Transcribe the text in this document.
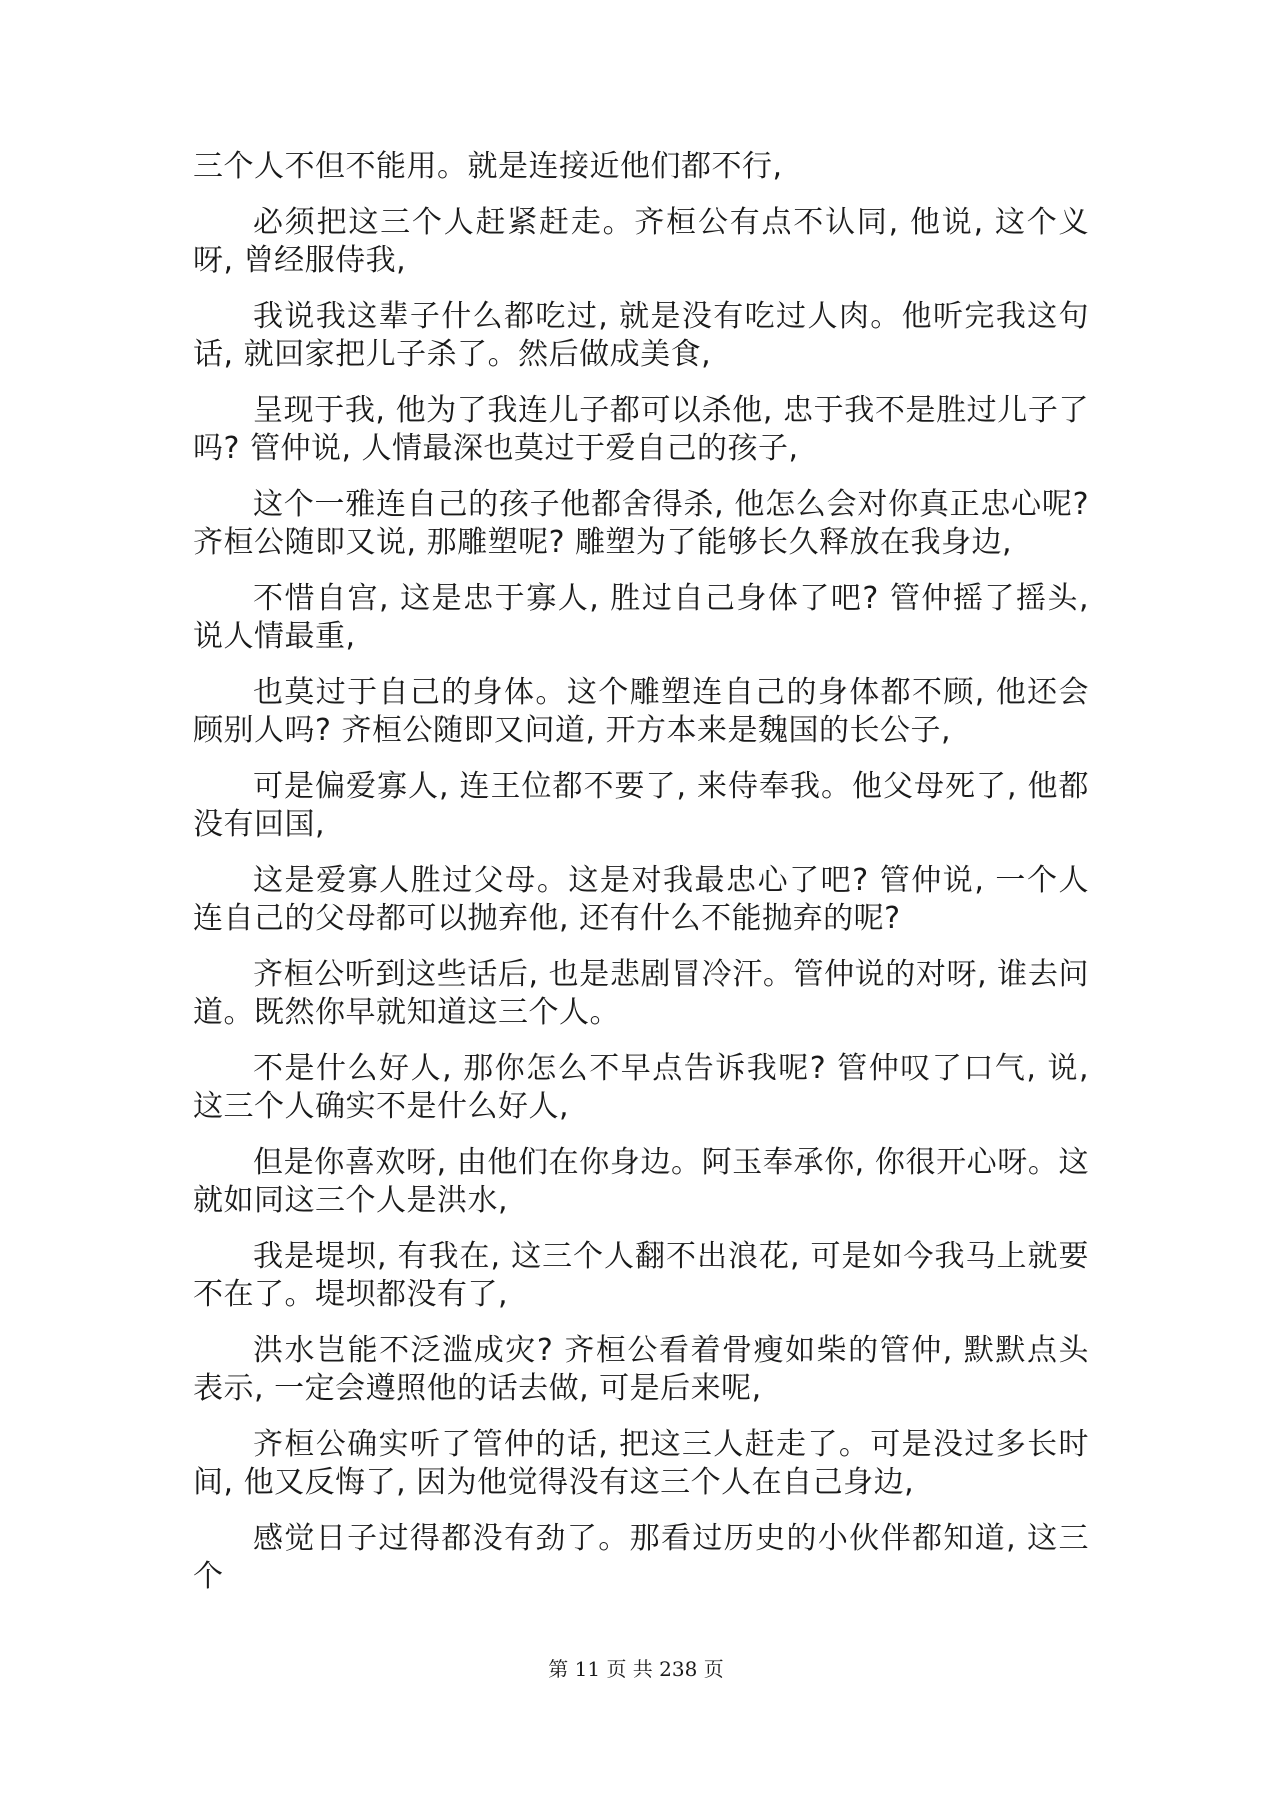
三个人不但不能用。就是连接近他们都不行,

必须把这三个人赶紧赶走。齐桓公有点不认同, 他说, 这个义呀, 曾经服侍我,

我说我这辈子什么都吃过, 就是没有吃过人肉。他听完我这句话, 就回家把儿子杀了。然后做成美食,

呈现于我, 他为了我连儿子都可以杀他, 忠于我不是胜过儿子了吗? 管仲说, 人情最深也莫过于爱自己的孩子,

这个一雅连自己的孩子他都舍得杀, 他怎么会对你真正忠心呢? 齐桓公随即又说, 那雕塑呢? 雕塑为了能够长久释放在我身边,

不惜自宫, 这是忠于寡人, 胜过自己身体了吧? 管仲摇了摇头, 说人情最重,

也莫过于自己的身体。这个雕塑连自己的身体都不顾, 他还会顾别人吗? 齐桓公随即又问道, 开方本来是魏国的长公子,

可是偏爱寡人, 连王位都不要了, 来侍奉我。他父母死了, 他都没有回国,

这是爱寡人胜过父母。这是对我最忠心了吧? 管仲说, 一个人连自己的父母都可以抛弃他, 还有什么不能抛弃的呢?

齐桓公听到这些话后, 也是悲剧冒冷汗。管仲说的对呀, 谁去问道。既然你早就知道这三个人。

不是什么好人, 那你怎么不早点告诉我呢? 管仲叹了口气, 说, 这三个人确实不是什么好人,

但是你喜欢呀, 由他们在你身边。阿玉奉承你, 你很开心呀。这就如同这三个人是洪水,

我是堤坝, 有我在, 这三个人翻不出浪花, 可是如今我马上就要不在了。堤坝都没有了,

洪水岂能不泛滥成灾? 齐桓公看着骨瘦如柴的管仲, 默默点头表示, 一定会遵照他的话去做, 可是后来呢,

齐桓公确实听了管仲的话, 把这三人赶走了。可是没过多长时间, 他又反悔了, 因为他觉得没有这三个人在自己身边,

感觉日子过得都没有劲了。那看过历史的小伙伴都知道, 这三个

第 11 页 共 238 页
